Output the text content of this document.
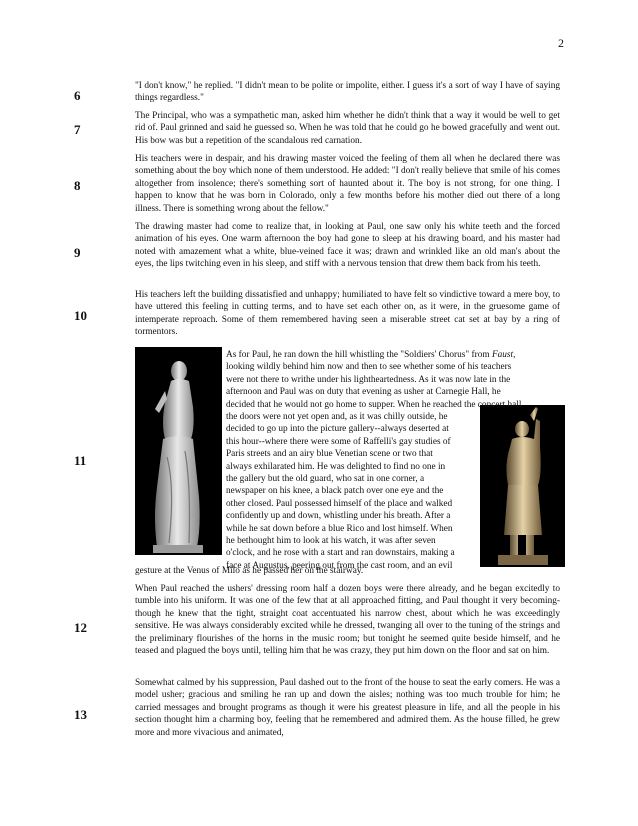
2
6

"I don't know," he replied. "I didn't mean to be polite or impolite, either. I guess it's a sort of way I have of saying things regardless."

7

The Principal, who was a sympathetic man, asked him whether he didn't think that a way it would be well to get rid of. Paul grinned and said he guessed so. When he was told that he could go he bowed gracefully and went out. His bow was but a repetition of the scandalous red carnation.

8

His teachers were in despair, and his drawing master voiced the feeling of them all when he declared there was something about the boy which none of them understood. He added: "I don't really believe that smile of his comes altogether from insolence; there's something sort of haunted about it. The boy is not strong, for one thing. I happen to know that he was born in Colorado, only a few months before his mother died out there of a long illness. There is something wrong about the fellow."

9

The drawing master had come to realize that, in looking at Paul, one saw only his white teeth and the forced animation of his eyes. One warm afternoon the boy had gone to sleep at his drawing board, and his master had noted with amazement what a white, blue-veined face it was; drawn and wrinkled like an old man's about the eyes, the lips twitching even in his sleep, and stiff with a nervous tension that drew them back from his teeth.

10

His teachers left the building dissatisfied and unhappy; humiliated to have felt so vindictive toward a mere boy, to have uttered this feeling in cutting terms, and to have set each other on, as it were, in the gruesome game of intemperate reproach. Some of them remembered having seen a miserable street cat set at bay by a ring of tormentors.

11

As for Paul, he ran down the hill whistling the "Soldiers' Chorus" from Faust,
looking wildly behind him now and then to see whether some of his teachers
were not there to writhe under his lightheartedness. As it was now late in the
afternoon and Paul was on duty that evening as usher at Carnegie Hall, he
decided that he would not go home to supper. When he reached the concert hall

the doors were not yet open and, as it was chilly outside, he
decided to go up into the picture gallery--always deserted at
this hour--where there were some of Raffelli's gay studies of
Paris streets and an airy blue Venetian scene or two that
always exhilarated him. He was delighted to find no one in
the gallery but the old guard, who sat in one corner, a
newspaper on his knee, a black patch over one eye and the
other closed. Paul possessed himself of the place and walked
confidently up and down, whistling under his breath. After a
while he sat down before a blue Rico and lost himself. When
he bethought him to look at his watch, it was after seven
o'clock, and he rose with a start and ran downstairs, making a
face at Augustus, peering out from the cast room, and an evil

gesture at the Venus of Milo as he passed her on the stairway.

12

When Paul reached the ushers' dressing room half a dozen boys were there already, and he began excitedly to tumble into his uniform. It was one of the few that at all approached fitting, and Paul thought it very becoming- though he knew that the tight, straight coat accentuated his narrow chest, about which he was exceedingly sensitive. He was always considerably excited while he dressed, twanging all over to the tuning of the strings and the preliminary flourishes of the horns in the music room; but tonight he seemed quite beside himself, and he teased and plagued the boys until, telling him that he was crazy, they put him down on the floor and sat on him.

13

Somewhat calmed by his suppression, Paul dashed out to the front of the house to seat the early comers. He was a model usher; gracious and smiling he ran up and down the aisles; nothing was too much trouble for him; he carried messages and brought programs as though it were his greatest pleasure in life, and all the people in his section thought him a charming boy, feeling that he remembered and admired them. As the house filled, he grew more and more vivacious and animated,
